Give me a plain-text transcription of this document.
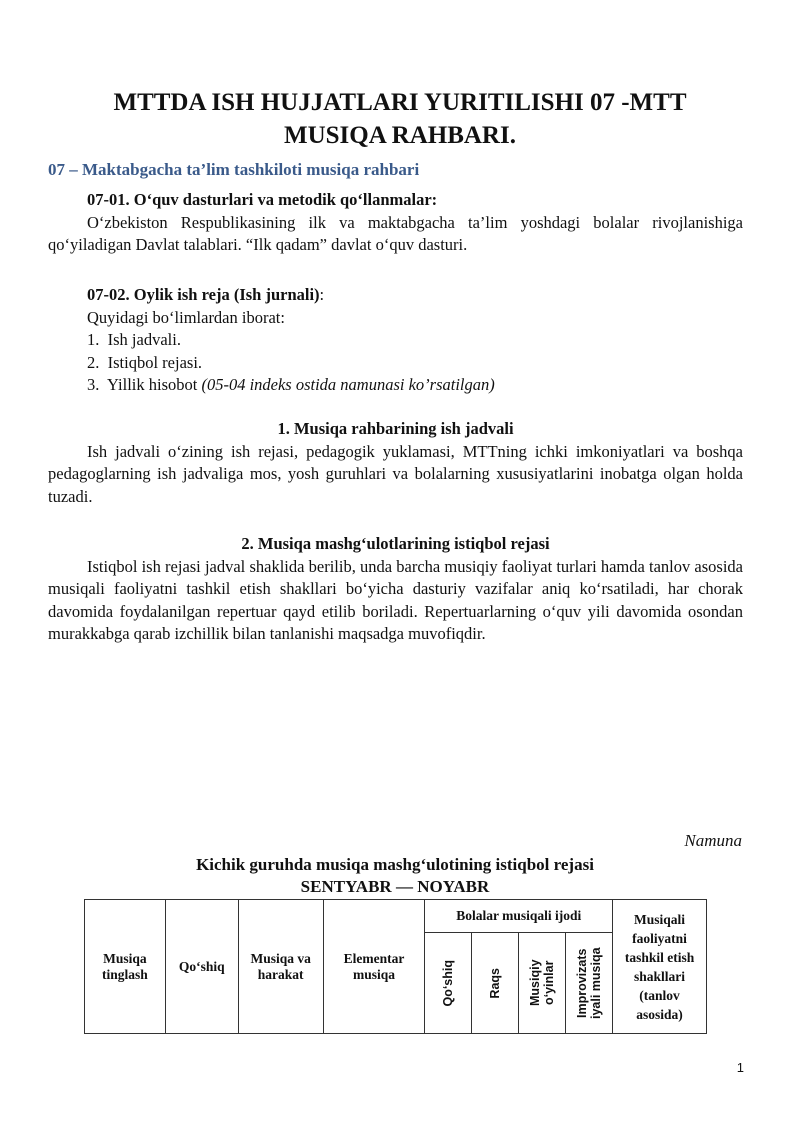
MTTDA ISH HUJJATLARI YURITILISHI 07 -MTT
MUSIQA RAHBARI.
07 – Maktabgacha ta’lim tashkiloti musiqa rahbari
07-01. O‘quv dasturlari va metodik qo‘llanmalar:
O‘zbekiston Respublikasining ilk va maktabgacha ta’lim yoshdagi bolalar rivojlanishiga qo‘yiladigan Davlat talablari. “Ilk qadam” davlat o‘quv dasturi.
07-02. Oylik ish reja (Ish jurnali):
Quyidagi bo‘limlardan iborat:
1. Ish jadvali.
2. Istiqbol rejasi.
3. Yillik hisobot (05-04 indeks ostida namunasi ko’rsatilgan)
1. Musiqa rahbarining ish jadvali
Ish jadvali o‘zining ish rejasi, pedagogik yuklamasi, MTTning ichki imkoniyatlari va boshqa pedagoglarning ish jadvaliga mos, yosh guruhlari va bolalarning xususiyatlarini inobatga olgan holda tuzadi.
2. Musiqa mashg‘ulotlarining istiqbol rejasi
Istiqbol ish rejasi jadval shaklida berilib, unda barcha musiqiy faoliyat turlari hamda tanlov asosida musiqali faoliyatni tashkil etish shakllari bo‘yicha dasturiy vazifalar aniq ko‘rsatiladi, har chorak davomida foydalanilgan repertuar qayd etilib boriladi. Repertuarlarning o‘quv yili davomida osondan murakkabga qarab izchillik bilan tanlanishi maqsadga muvofiqdir.
Namuna
Kichik guruhda musiqa mashg‘ulotining istiqbol rejasi
SENTYABR — NOYABR
Musiqa tinglash	Qo‘shiq	Musiqa va harakat	Elementar musiqa	Bolalar musiqali ijodi				Musiqali faoliyatni tashkil etish shakllari (tanlov asosida)

				Qo‘shiq	Raqs	Musiqiy o‘yinlar	Improvizats iyali musiqa	
1
